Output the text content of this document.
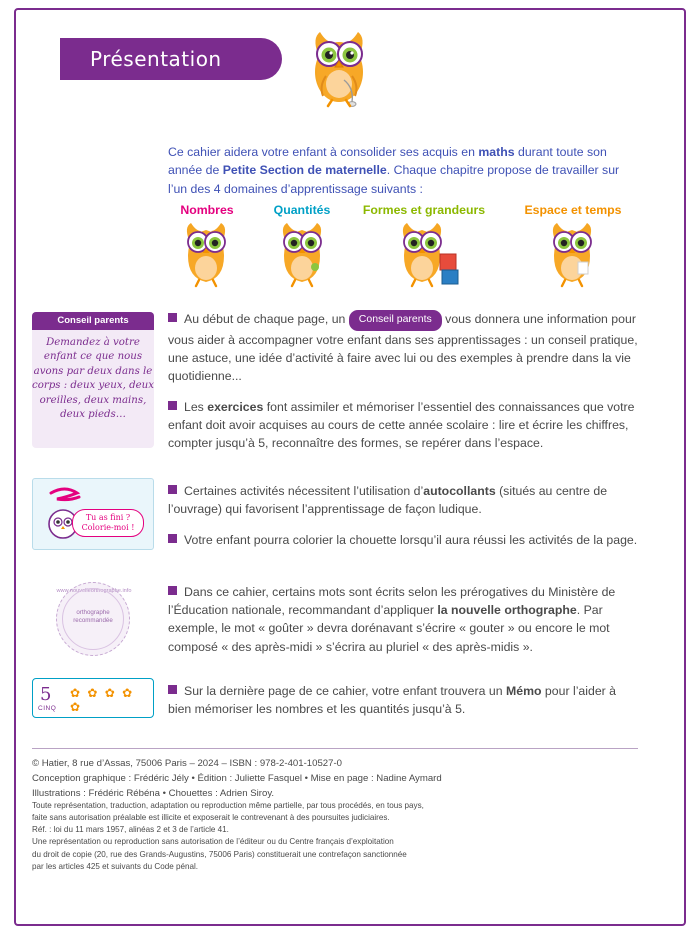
Présentation
Ce cahier aidera votre enfant à consolider ses acquis en maths durant toute son année de Petite Section de maternelle. Chaque chapitre propose de travailler sur l’un des 4 domaines d’apprentissage suivants :
Nombres	Quantités	Formes et grandeurs	Espace et temps
Conseil parents
Demandez à votre enfant ce que nous avons par deux dans le corps : deux yeux, deux oreilles, deux mains, deux pieds…
Au début de chaque page, un Conseil parents vous donnera une information pour vous aider à accompagner votre enfant dans ses apprentissages : un conseil pratique, une astuce, une idée d’activité à faire avec lui ou des exemples à prendre dans la vie quotidienne...
Les exercices font assimiler et mémoriser l’essentiel des connaissances que votre enfant doit avoir acquises au cours de cette année scolaire : lire et écrire les chiffres, compter jusqu’à 5, reconnaître des formes, se repérer dans l’espace.
Tu as fini ?
Colorie-moi !
Certaines activités nécessitent l’utilisation d’autocollants (situés au centre de l’ouvrage) qui favorisent l’apprentissage de façon ludique.
Votre enfant pourra colorier la chouette lorsqu’il aura réussi les activités de la page.
www.nouvelleorthographe.info
orthographe
recommandée
Dans ce cahier, certains mots sont écrits selon les prérogatives du Ministère de l’Éducation nationale, recommandant d’appliquer la nouvelle orthographe. Par exemple, le mot « goûter » devra dorénavant s’écrire « gouter » ou encore le mot composé « des après-midi » s’écrira au pluriel « des après-midis ».
5
CINQ
✿ ✿ ✿ ✿ ✿
Sur la dernière page de ce cahier, votre enfant trouvera un Mémo pour l’aider à bien mémoriser les nombres et les quantités jusqu’à 5.
© Hatier, 8 rue d’Assas, 75006 Paris – 2024 – ISBN : 978-2-401-10527-0
Conception graphique : Frédéric Jély • Édition : Juliette Fasquel • Mise en page : Nadine Aymard
Illustrations : Frédéric Rébéna • Chouettes : Adrien Siroy.
Toute représentation, traduction, adaptation ou reproduction même partielle, par tous procédés, en tous pays,
faite sans autorisation préalable est illicite et exposerait le contrevenant à des poursuites judiciaires.
Réf. : loi du 11 mars 1957, alinéas 2 et 3 de l’article 41.
Une représentation ou reproduction sans autorisation de l’éditeur ou du Centre français d’exploitation
du droit de copie (20, rue des Grands-Augustins, 75006 Paris) constituerait une contrefaçon sanctionnée
par les articles 425 et suivants du Code pénal.
